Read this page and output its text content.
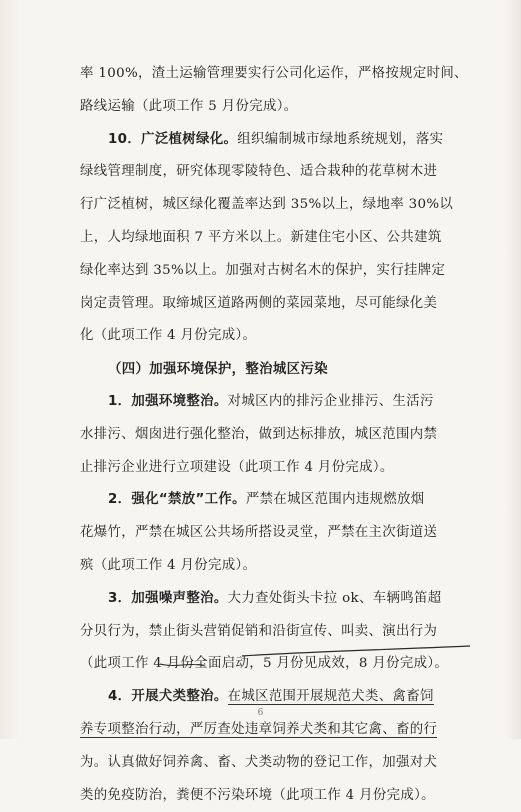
率 100%，渣土运输管理要实行公司化运作，严格按规定时间、
路线运输（此项工作 5 月份完成）。
10．广泛植树绿化。组织编制城市绿地系统规划，落实
绿线管理制度，研究体现零陵特色、适合栽种的花草树木进
行广泛植树，城区绿化覆盖率达到 35%以上，绿地率 30%以
上，人均绿地面积 7 平方米以上。新建住宅小区、公共建筑
绿化率达到 35%以上。加强对古树名木的保护，实行挂牌定
岗定责管理。取缔城区道路两侧的菜园菜地，尽可能绿化美
化（此项工作 4 月份完成）。
（四）加强环境保护，整治城区污染
1．加强环境整治。对城区内的排污企业排污、生活污
水排污、烟囱进行强化整治，做到达标排放，城区范围内禁
止排污企业进行立项建设（此项工作 4 月份完成）。
2．强化“禁放”工作。严禁在城区范围内违规燃放烟
花爆竹，严禁在城区公共场所搭设灵堂，严禁在主次街道送
殡（此项工作 4 月份完成）。
3．加强噪声整治。大力查处街头卡拉 ok、车辆鸣笛超
分贝行为，禁止街头营销促销和沿街宣传、叫卖、演出行为
（此项工作 4 月份全面启动，5 月份见成效，8 月份完成）。
4．开展犬类整治。在城区范围开展规范犬类、禽畜饲
养专项整治行动，严厉查处违章饲养犬类和其它禽、畜的行
为。认真做好饲养禽、畜、犬类动物的登记工作，加强对犬
类的免疫防治，粪便不污染环境（此项工作 4 月份完成）。
6
